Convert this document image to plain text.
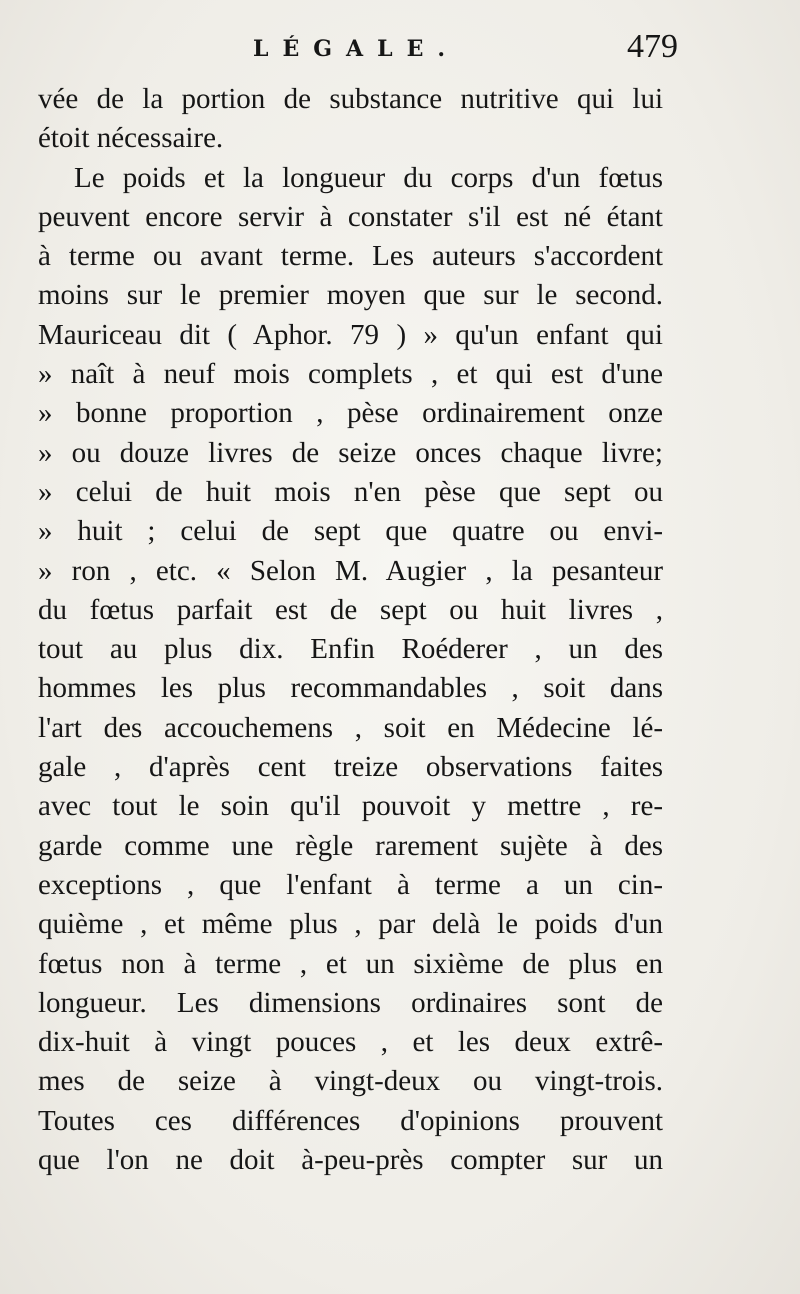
LÉGALE.	479
vée de la portion de substance nutritive qui lui
étoit nécessaire.
Le poids et la longueur du corps d'un fœtus
peuvent encore servir à constater s'il est né étant
à terme ou avant terme. Les auteurs s'accordent
moins sur le premier moyen que sur le second.
Mauriceau dit ( Aphor. 79 ) » qu'un enfant qui
» naît à neuf mois complets , et qui est d'une
» bonne proportion , pèse ordinairement onze
» ou douze livres de seize onces chaque livre;
» celui de huit mois n'en pèse que sept ou
» huit ; celui de sept que quatre ou envi-
» ron , etc. « Selon M. Augier , la pesanteur
du fœtus parfait est de sept ou huit livres ,
tout au plus dix. Enfin Roéderer , un des
hommes les plus recommandables , soit dans
l'art des accouchemens , soit en Médecine lé-
gale , d'après cent treize observations faites
avec tout le soin qu'il pouvoit y mettre , re-
garde comme une règle rarement sujète à des
exceptions , que l'enfant à terme a un cin-
quième , et même plus , par delà le poids d'un
fœtus non à terme , et un sixième de plus en
longueur. Les dimensions ordinaires sont de
dix-huit à vingt pouces , et les deux extrê-
mes de seize à vingt-deux ou vingt-trois.
Toutes ces différences d'opinions prouvent
que l'on ne doit à-peu-près compter sur un
